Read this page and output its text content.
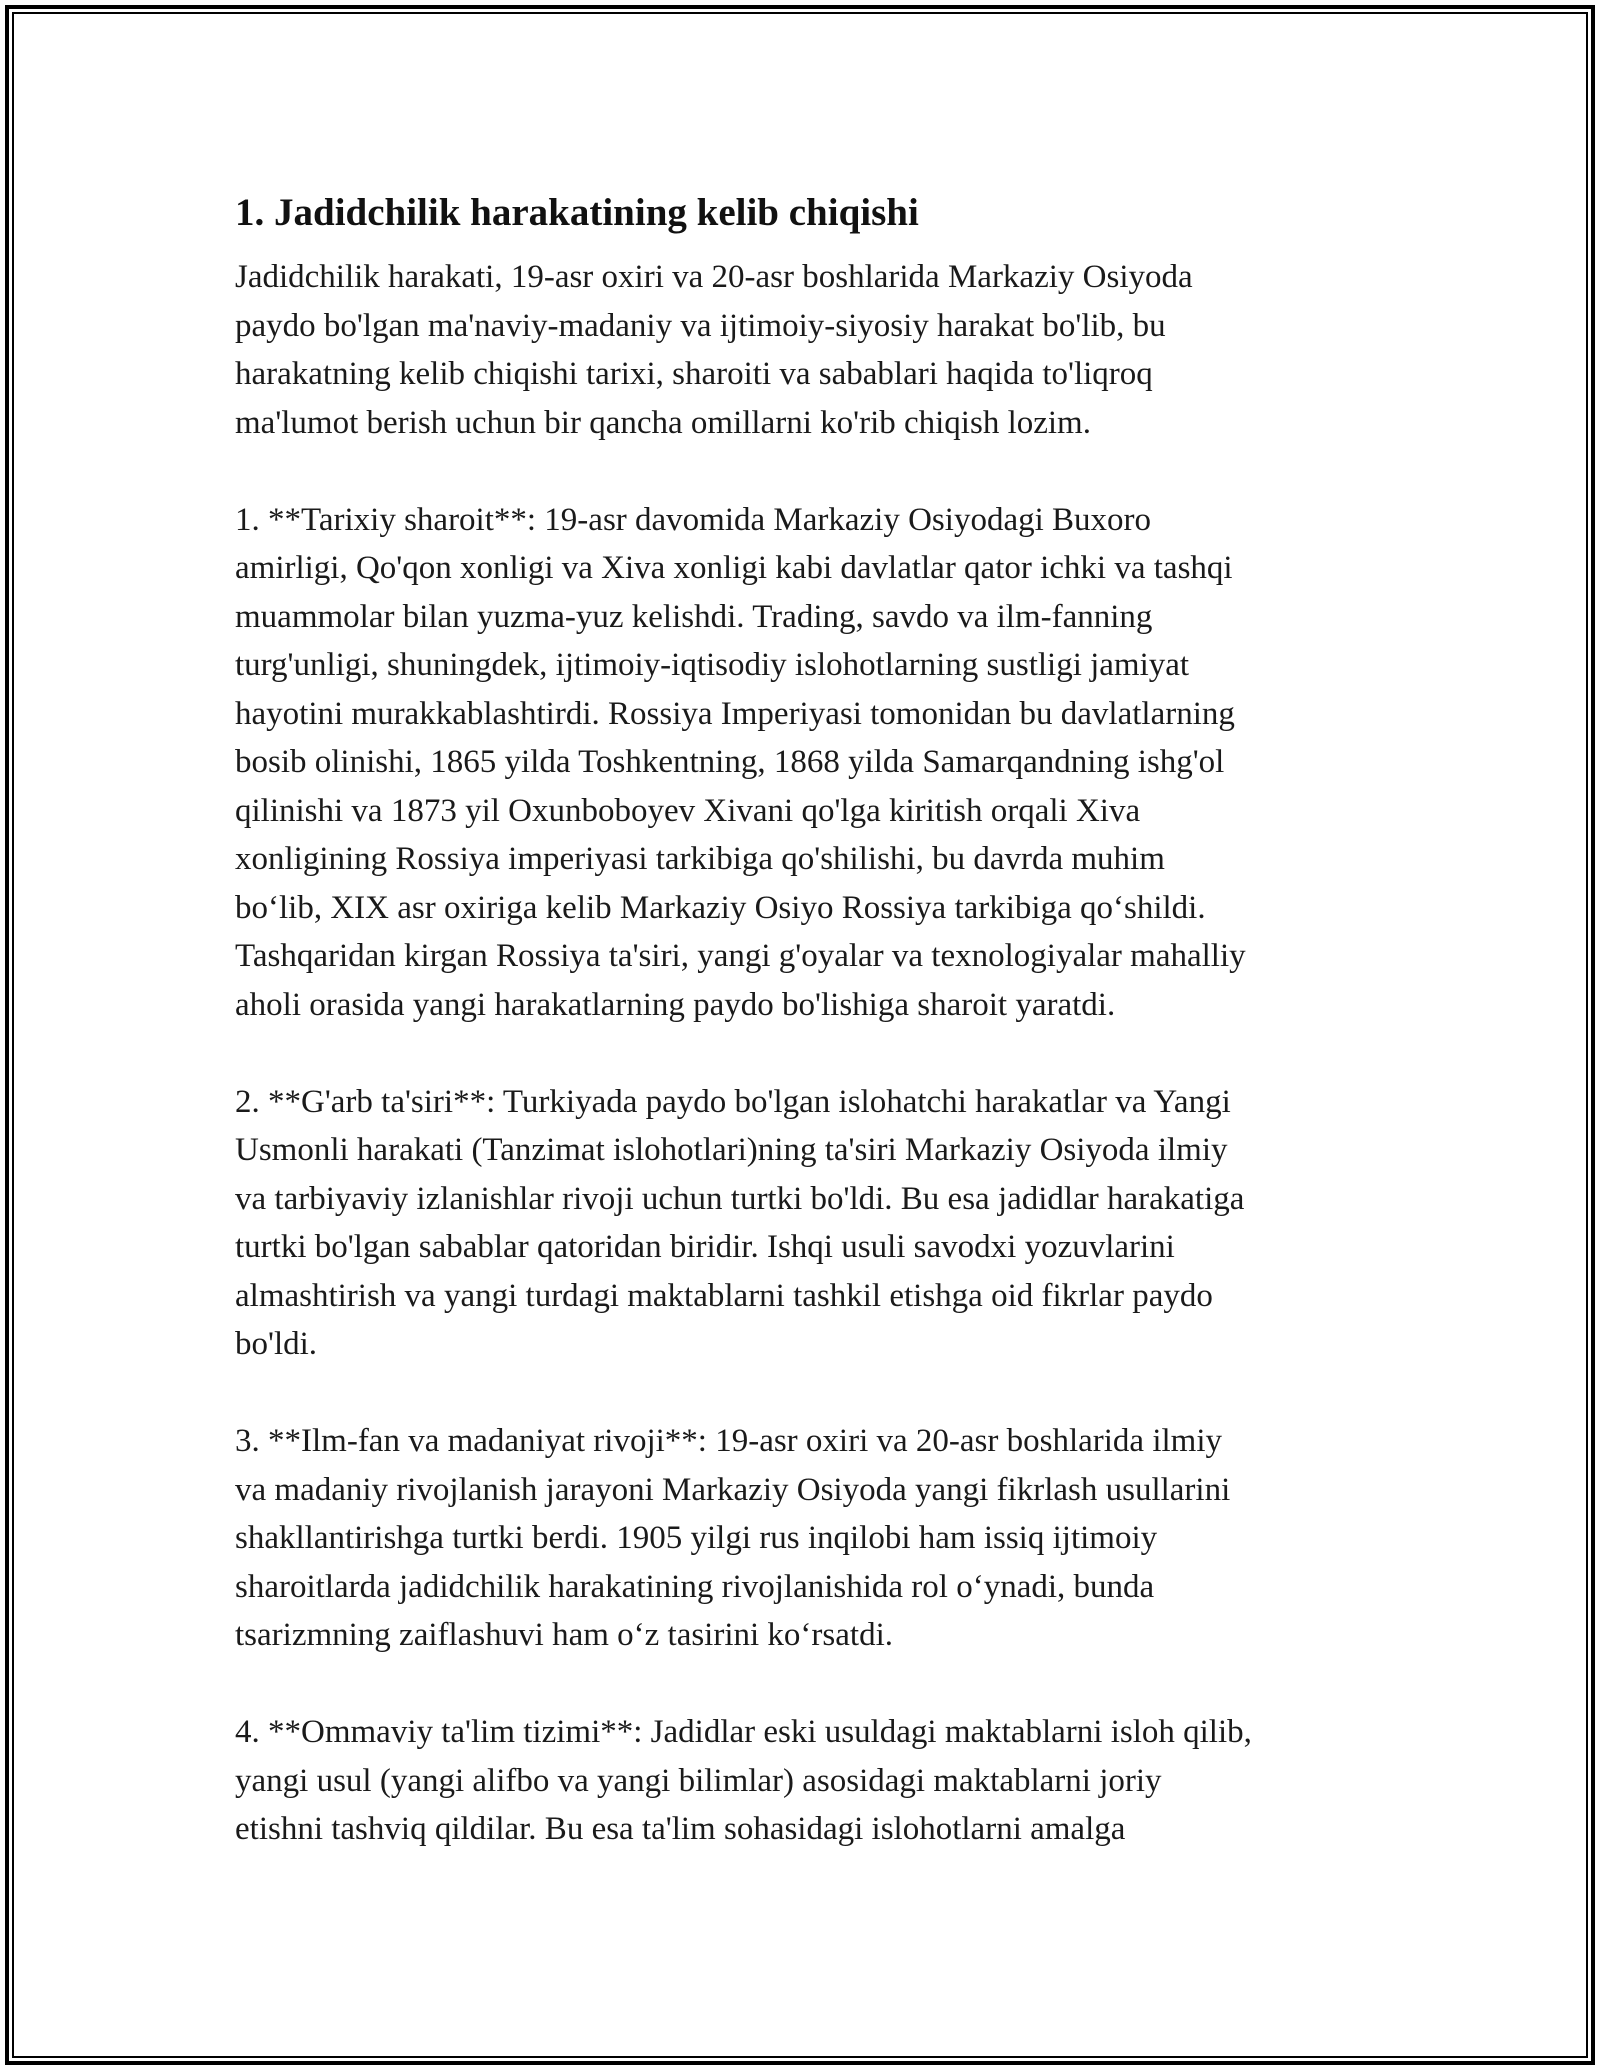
1. Jadidchilik harakatining kelib chiqishi

Jadidchilik harakati, 19-asr oxiri va 20-asr boshlarida Markaziy Osiyoda
paydo bo'lgan ma'naviy-madaniy va ijtimoiy-siyosiy harakat bo'lib, bu
harakatning kelib chiqishi tarixi, sharoiti va sabablari haqida to'liqroq
ma'lumot berish uchun bir qancha omillarni ko'rib chiqish lozim.

1. **Tarixiy sharoit**: 19-asr davomida Markaziy Osiyodagi Buxoro
amirligi, Qo'qon xonligi va Xiva xonligi kabi davlatlar qator ichki va tashqi
muammolar bilan yuzma-yuz kelishdi. Trading, savdo va ilm-fanning
turg'unligi, shuningdek, ijtimoiy-iqtisodiy islohotlarning sustligi jamiyat
hayotini murakkablashtirdi. Rossiya Imperiyasi tomonidan bu davlatlarning
bosib olinishi, 1865 yilda Toshkentning, 1868 yilda Samarqandning ishg'ol
qilinishi va 1873 yil Oxunboboyev Xivani qo'lga kiritish orqali Xiva
xonligining Rossiya imperiyasi tarkibiga qo'shilishi, bu davrda muhim
bo‘lib, XIX asr oxiriga kelib Markaziy Osiyo Rossiya tarkibiga qo‘shildi.
Tashqaridan kirgan Rossiya ta'siri, yangi g'oyalar va texnologiyalar mahalliy
aholi orasida yangi harakatlarning paydo bo'lishiga sharoit yaratdi.

2. **G'arb ta'siri**: Turkiyada paydo bo'lgan islohatchi harakatlar va Yangi
Usmonli harakati (Tanzimat islohotlari)ning ta'siri Markaziy Osiyoda ilmiy
va tarbiyaviy izlanishlar rivoji uchun turtki bo'ldi. Bu esa jadidlar harakatiga
turtki bo'lgan sabablar qatoridan biridir. Ishqi usuli savodxi yozuvlarini
almashtirish va yangi turdagi maktablarni tashkil etishga oid fikrlar paydo
bo'ldi.

3. **Ilm-fan va madaniyat rivoji**: 19-asr oxiri va 20-asr boshlarida ilmiy
va madaniy rivojlanish jarayoni Markaziy Osiyoda yangi fikrlash usullarini
shakllantirishga turtki berdi. 1905 yilgi rus inqilobi ham issiq ijtimoiy
sharoitlarda jadidchilik harakatining rivojlanishida rol o‘ynadi, bunda
tsarizmning zaiflashuvi ham o‘z tasirini ko‘rsatdi.

4. **Ommaviy ta'lim tizimi**: Jadidlar eski usuldagi maktablarni isloh qilib,
yangi usul (yangi alifbo va yangi bilimlar) asosidagi maktablarni joriy
etishni tashviq qildilar. Bu esa ta'lim sohasidagi islohotlarni amalga
